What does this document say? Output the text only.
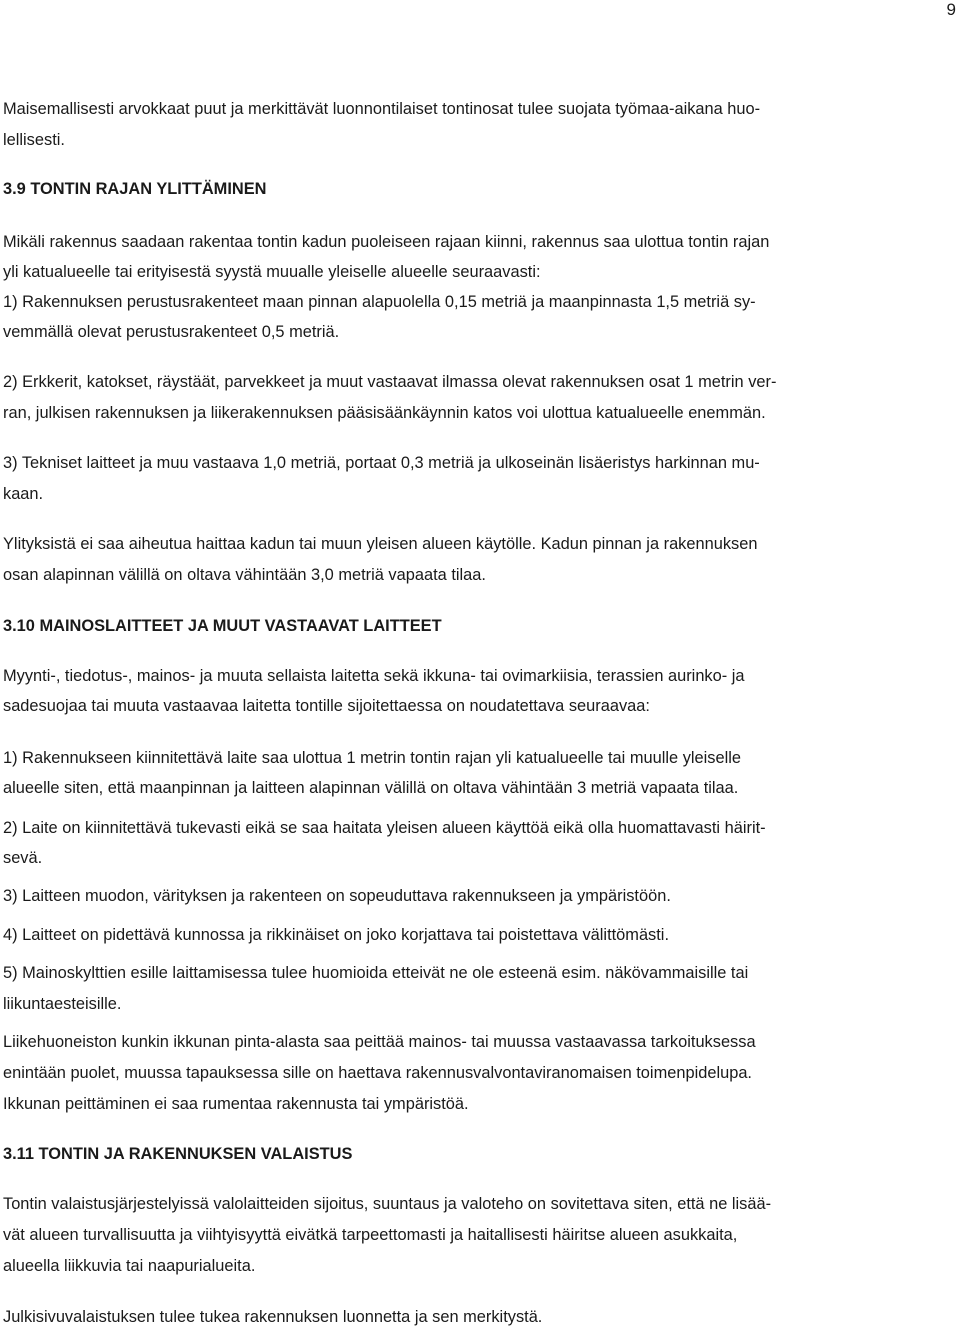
9

Maisemallisesti arvokkaat puut ja merkittävät luonnontilaiset tontinosat tulee suojata työmaa-aikana huo-
lellisesti.

3.9 TONTIN RAJAN YLITTÄMINEN

Mikäli rakennus saadaan rakentaa tontin kadun puoleiseen rajaan kiinni, rakennus saa ulottua tontin rajan
yli katualueelle tai erityisestä syystä muualle yleiselle alueelle seuraavasti:
1) Rakennuksen perustusrakenteet maan pinnan alapuolella 0,15 metriä ja maanpinnasta 1,5 metriä sy-
vemmällä olevat perustusrakenteet 0,5 metriä.

2) Erkkerit, katokset, räystäät, parvekkeet ja muut vastaavat ilmassa olevat rakennuksen osat 1 metrin ver-
ran, julkisen rakennuksen ja liikerakennuksen pääsisäänkäynnin katos voi ulottua katualueelle enemmän.

3) Tekniset laitteet ja muu vastaava 1,0 metriä, portaat 0,3 metriä ja ulkoseinän lisäeristys harkinnan mu-
kaan.

Ylityksistä ei saa aiheutua haittaa kadun tai muun yleisen alueen käytölle. Kadun pinnan ja rakennuksen
osan alapinnan välillä on oltava vähintään 3,0 metriä vapaata tilaa.

3.10 MAINOSLAITTEET JA MUUT VASTAAVAT LAITTEET

Myynti-, tiedotus-, mainos- ja muuta sellaista laitetta sekä ikkuna- tai ovimarkiisia, terassien aurinko- ja
sadesuojaa tai muuta vastaavaa laitetta tontille sijoitettaessa on noudatettava seuraavaa:

1) Rakennukseen kiinnitettävä laite saa ulottua 1 metrin tontin rajan yli katualueelle tai muulle yleiselle
alueelle siten, että maanpinnan ja laitteen alapinnan välillä on oltava vähintään 3 metriä vapaata tilaa.

2) Laite on kiinnitettävä tukevasti eikä se saa haitata yleisen alueen käyttöä eikä olla huomattavasti häirit-
sevä.

3) Laitteen muodon, värityksen ja rakenteen on sopeuduttava rakennukseen ja ympäristöön.

4) Laitteet on pidettävä kunnossa ja rikkinäiset on joko korjattava tai poistettava välittömästi.

5) Mainoskylttien esille laittamisessa tulee huomioida etteivät ne ole esteenä esim. näkövammaisille tai
liikuntaesteisille.

Liikehuoneiston kunkin ikkunan pinta-alasta saa peittää mainos- tai muussa vastaavassa tarkoituksessa
enintään puolet, muussa tapauksessa sille on haettava rakennusvalvontaviranomaisen toimenpidelupa.
Ikkunan peittäminen ei saa rumentaa rakennusta tai ympäristöä.

3.11 TONTIN JA RAKENNUKSEN VALAISTUS

Tontin valaistusjärjestelyissä valolaitteiden sijoitus, suuntaus ja valoteho on sovitettava siten, että ne lisää-
vät alueen turvallisuutta ja viihtyisyyttä eivätkä tarpeettomasti ja haitallisesti häiritse alueen asukkaita,
alueella liikkuvia tai naapurialueita.

Julkisivuvalaistuksen tulee tukea rakennuksen luonnetta ja sen merkitystä.
